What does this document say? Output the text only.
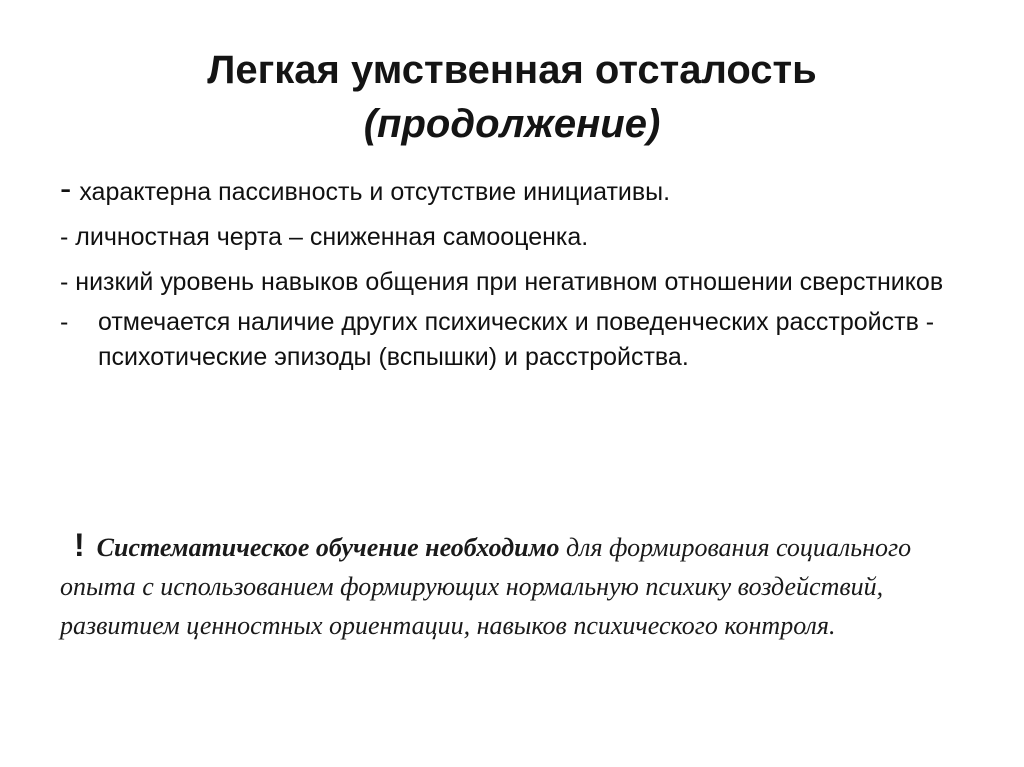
Легкая умственная отсталость
(продолжение)

- характерна пассивность и отсутствие инициативы.

- личностная черта – сниженная самооценка.

- низкий уровень навыков общения при негативном отношении сверстников

-	отмечается наличие других психических и поведенческих расстройств - психотические эпизоды (вспышки) и расстройства.

! Систематическое обучение необходимо для формирования социального опыта с использованием формирующих нормальную психику воздействий, развитием ценностных ориентации, навыков психического контроля.
